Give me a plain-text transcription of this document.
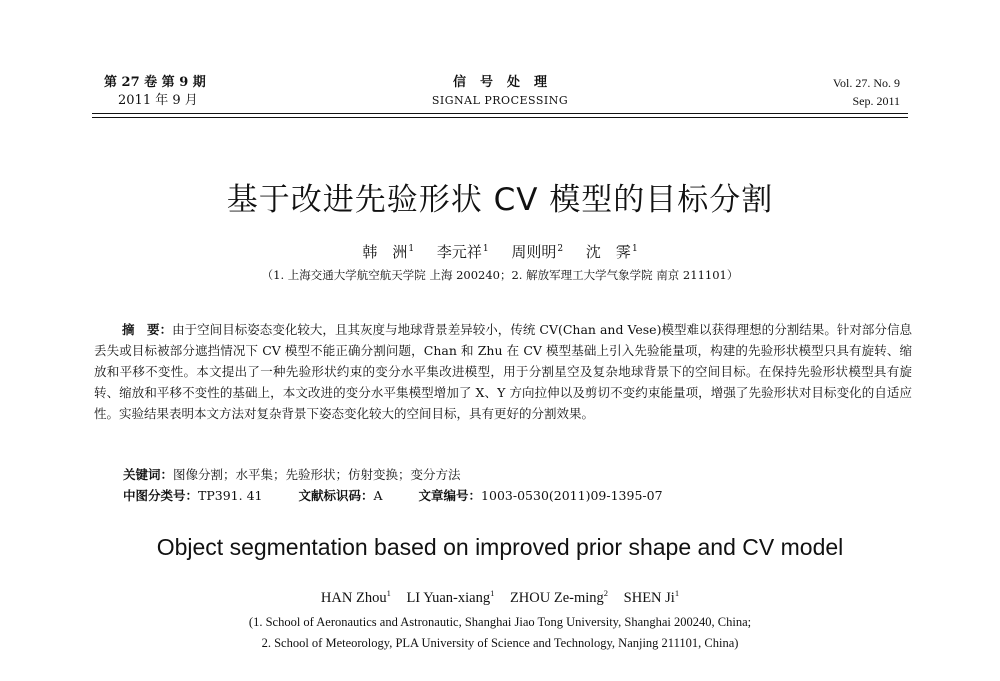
第 27 卷 第 9 期
2011 年 9 月
信号处理
SIGNAL PROCESSING
Vol. 27. No. 9
Sep. 2011
基于改进先验形状 CV 模型的目标分割
韩　洲$^1$ 李元祥$^1$ 周则明$^2$ 沈　霁$^1$
（1. 上海交通大学航空航天学院 上海 200240；2. 解放军理工大学气象学院 南京 211101）
摘　要：由于空间目标姿态变化较大，且其灰度与地球背景差异较小，传统 CV(Chan and Vese)模型难以获得理想的分割结果。针对部分信息丢失或目标被部分遮挡情况下 CV 模型不能正确分割问题，Chan 和 Zhu 在 CV 模型基础上引入先验能量项，构建的先验形状模型只具有旋转、缩放和平移不变性。本文提出了一种先验形状约束的变分水平集改进模型，用于分割星空及复杂地球背景下的空间目标。在保持先验形状模型具有旋转、缩放和平移不变性的基础上，本文改进的变分水平集模型增加了 X、Y 方向拉伸以及剪切不变约束能量项，增强了先验形状对目标变化的自适应性。实验结果表明本文方法对复杂背景下姿态变化较大的空间目标，具有更好的分割效果。
关键词：图像分割；水平集；先验形状；仿射变换；变分方法
中图分类号：TP391. 41	文献标识码：A	文章编号：1003-0530(2011)09-1395-07
Object segmentation based on improved prior shape and CV model
HAN Zhou$^1$ LI Yuan-xiang$^1$ ZHOU Ze-ming$^2$ SHEN Ji$^1$
(1. School of Aeronautics and Astronautic, Shanghai Jiao Tong University, Shanghai 200240, China;
2. School of Meteorology, PLA University of Science and Technology, Nanjing 211101, China)
